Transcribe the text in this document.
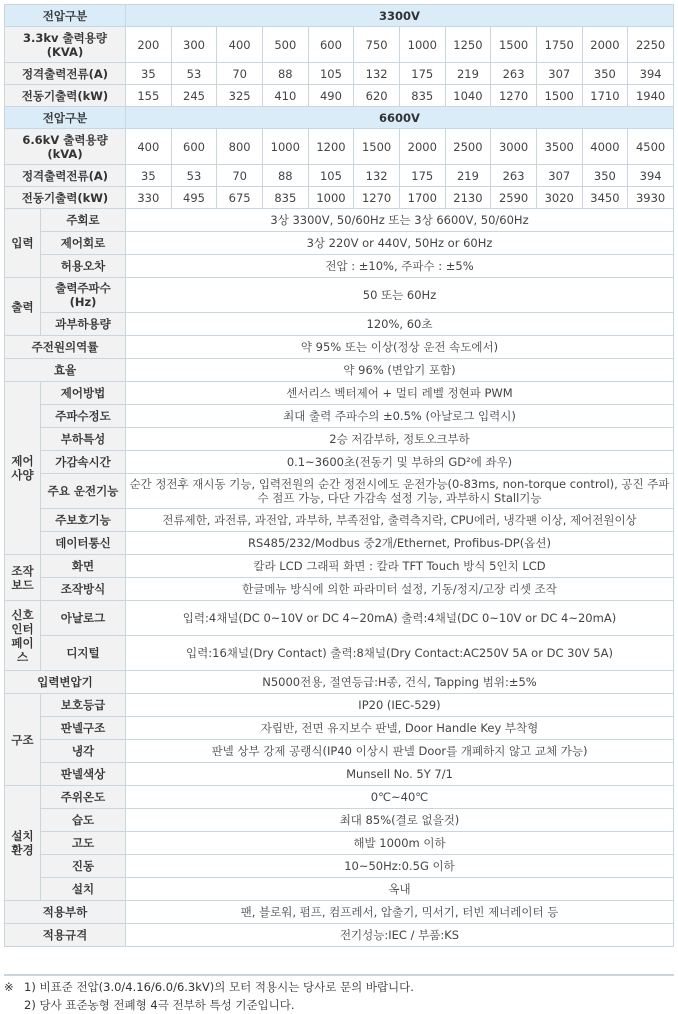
전압구분		3300V											
3.3kv 출력용량(KVA)		200	300	400	500	600	750	1000	1250	1500	1750	2000	2250
정격출력전류(A)		35	53	70	88	105	132	175	219	263	307	350	394
전동기출력(kW)		155	245	325	410	490	620	835	1040	1270	1500	1710	1940
전압구분		6600V											
6.6kV 출력용량(kVA)		400	600	800	1000	1200	1500	2000	2500	3000	3500	4000	4500
정격출력전류(A)		35	53	70	88	105	132	175	219	263	307	350	394
전동기출력(kW)		330	495	675	835	1000	1270	1700	2130	2590	3020	3450	3930
입력	주회로	3상 3300V, 50/60Hz 또는 3상 6600V, 50/60Hz											
	제어회로	3상 220V or 440V, 50Hz or 60Hz											
	허용오차	전압 : ±10%, 주파수 : ±5%											
출력	출력주파수(Hz)	50 또는 60Hz											
	과부하용량	120%, 60초											
주전원의역률		약 95% 또는 이상(정상 운전 속도에서)											
효율		약 96% (변압기 포함)											
제어사양	제어방법	센서리스 벡터제어 + 멀티 레벨 정현파 PWM											
	주파수정도	최대 출력 주파수의 ±0.5% (아날로그 입력시)											
	부하특성	2승 저감부하, 정토오크부하											
	가감속시간	0.1~3600초(전동기 및 부하의 GD²에 좌우)											
	주요 운전기능	순간 정전후 재시동 기능, 입력전원의 순간 정전시에도 운전가능(0-83ms, non-torque control), 공진 주파수 점프 가능, 다단 가감속 설정 기능, 과부하시 Stall기능											
	주보호기능	전류제한, 과전류, 과전압, 과부하, 부족전압, 출력측지락, CPU에러, 냉각팬 이상, 제어전원이상											
	데이터통신	RS485/232/Modbus 중2개/Ethernet, Profibus-DP(옵션)											
조작보드	화면	칼라 LCD 그래픽 화면 : 칼라 TFT Touch 방식 5인치 LCD											
	조작방식	한글메뉴 방식에 의한 파라미터 설정, 기동/정지/고장 리셋 조작											
신호인터페이스	아날로그	입력:4채널(DC 0~10V or DC 4~20mA) 출력:4채널(DC 0~10V or DC 4~20mA)											
	디지털	입력:16채널(Dry Contact) 출력:8채널(Dry Contact:AC250V 5A or DC 30V 5A)											
입력변압기		N5000전용, 절연등급:H종, 건식, Tapping 범위:±5%											
구조	보호등급	IP20 (IEC-529)											
	판넬구조	자립반, 전면 유지보수 판넬, Door Handle Key 부착형											
	냉각	판넬 상부 강제 공랭식(IP40 이상시 판넬 Door를 개폐하지 않고 교체 가능)											
	판넬색상	Munsell No. 5Y 7/1											
설치환경	주위온도	0℃~40℃											
	습도	최대 85%(결로 없을것)											
	고도	해발 1000m 이하											
	진동	10~50Hz:0.5G 이하											
	설치	옥내											
적용부하		팬, 블로워, 펌프, 컴프레서, 압출기, 믹서기, 터빈 제너레이터 등											
적용규격		전기성능:IEC / 부품:KS											
※ 1) 비표준 전압(3.0/4.16/6.0/6.3kV)의 모터 적용시는 당사로 문의 바랍니다.
2) 당사 표준농형 전폐형 4극 전부하 특성 기준입니다.
